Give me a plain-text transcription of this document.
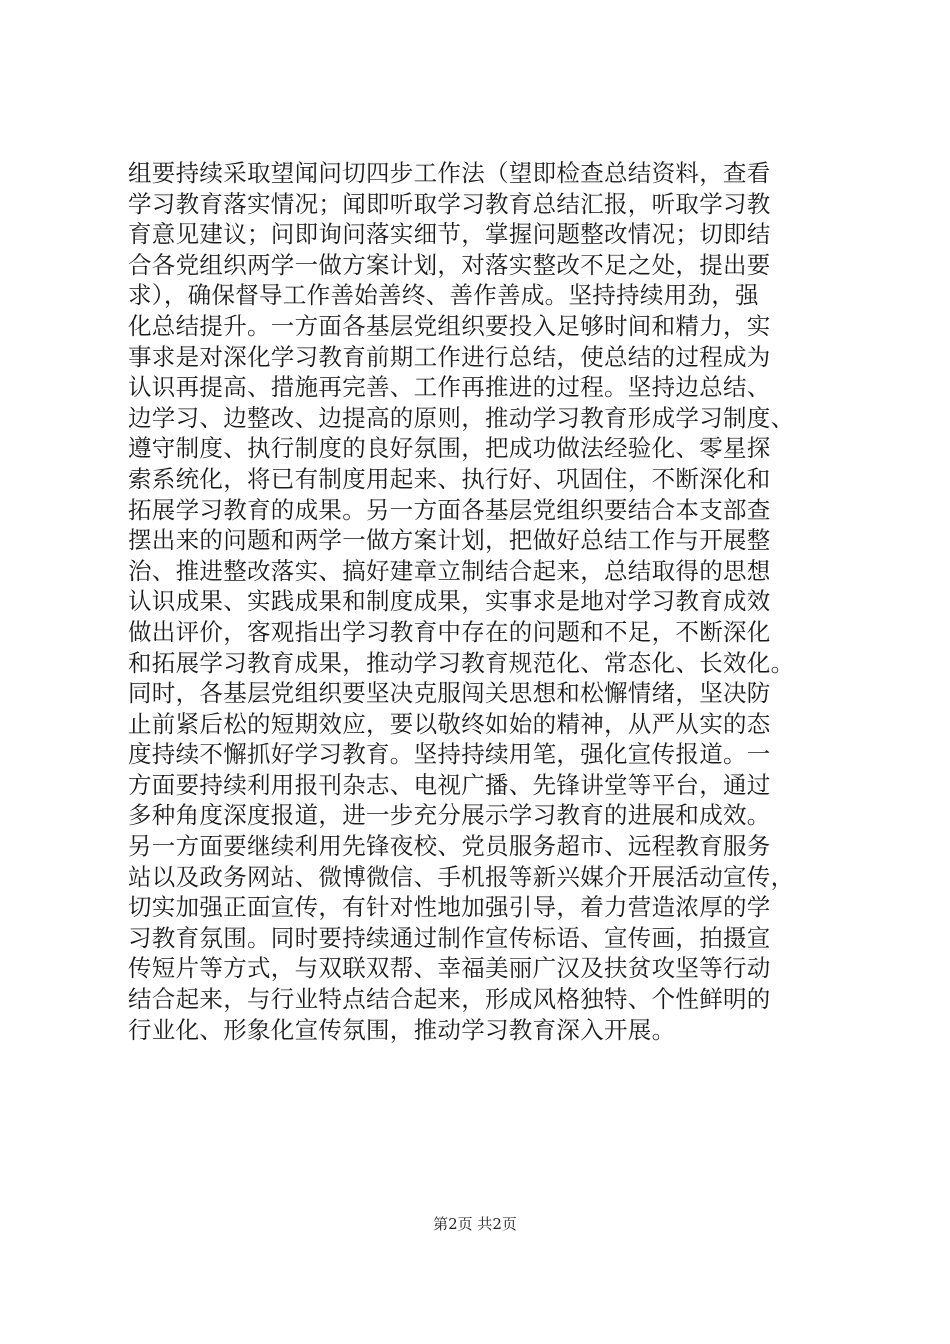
组要持续采取望闻问切四步工作法（望即检查总结资料，查看
学习教育落实情况；闻即听取学习教育总结汇报，听取学习教
育意见建议；问即询问落实细节，掌握问题整改情况；切即结
合各党组织两学一做方案计划，对落实整改不足之处，提出要
求），确保督导工作善始善终、善作善成。坚持持续用劲，强
化总结提升。一方面各基层党组织要投入足够时间和精力，实
事求是对深化学习教育前期工作进行总结，使总结的过程成为
认识再提高、措施再完善、工作再推进的过程。坚持边总结、
边学习、边整改、边提高的原则，推动学习教育形成学习制度、
遵守制度、执行制度的良好氛围，把成功做法经验化、零星探
索系统化，将已有制度用起来、执行好、巩固住，不断深化和
拓展学习教育的成果。另一方面各基层党组织要结合本支部查
摆出来的问题和两学一做方案计划，把做好总结工作与开展整
治、推进整改落实、搞好建章立制结合起来，总结取得的思想
认识成果、实践成果和制度成果，实事求是地对学习教育成效
做出评价，客观指出学习教育中存在的问题和不足，不断深化
和拓展学习教育成果，推动学习教育规范化、常态化、长效化。
同时，各基层党组织要坚决克服闯关思想和松懈情绪，坚决防
止前紧后松的短期效应，要以敬终如始的精神，从严从实的态
度持续不懈抓好学习教育。坚持持续用笔，强化宣传报道。一
方面要持续利用报刊杂志、电视广播、先锋讲堂等平台，通过
多种角度深度报道，进一步充分展示学习教育的进展和成效。
另一方面要继续利用先锋夜校、党员服务超市、远程教育服务
站以及政务网站、微博微信、手机报等新兴媒介开展活动宣传，
切实加强正面宣传，有针对性地加强引导，着力营造浓厚的学
习教育氛围。同时要持续通过制作宣传标语、宣传画，拍摄宣
传短片等方式，与双联双帮、幸福美丽广汉及扶贫攻坚等行动
结合起来，与行业特点结合起来，形成风格独特、个性鲜明的
行业化、形象化宣传氛围，推动学习教育深入开展。
第2页 共2页
